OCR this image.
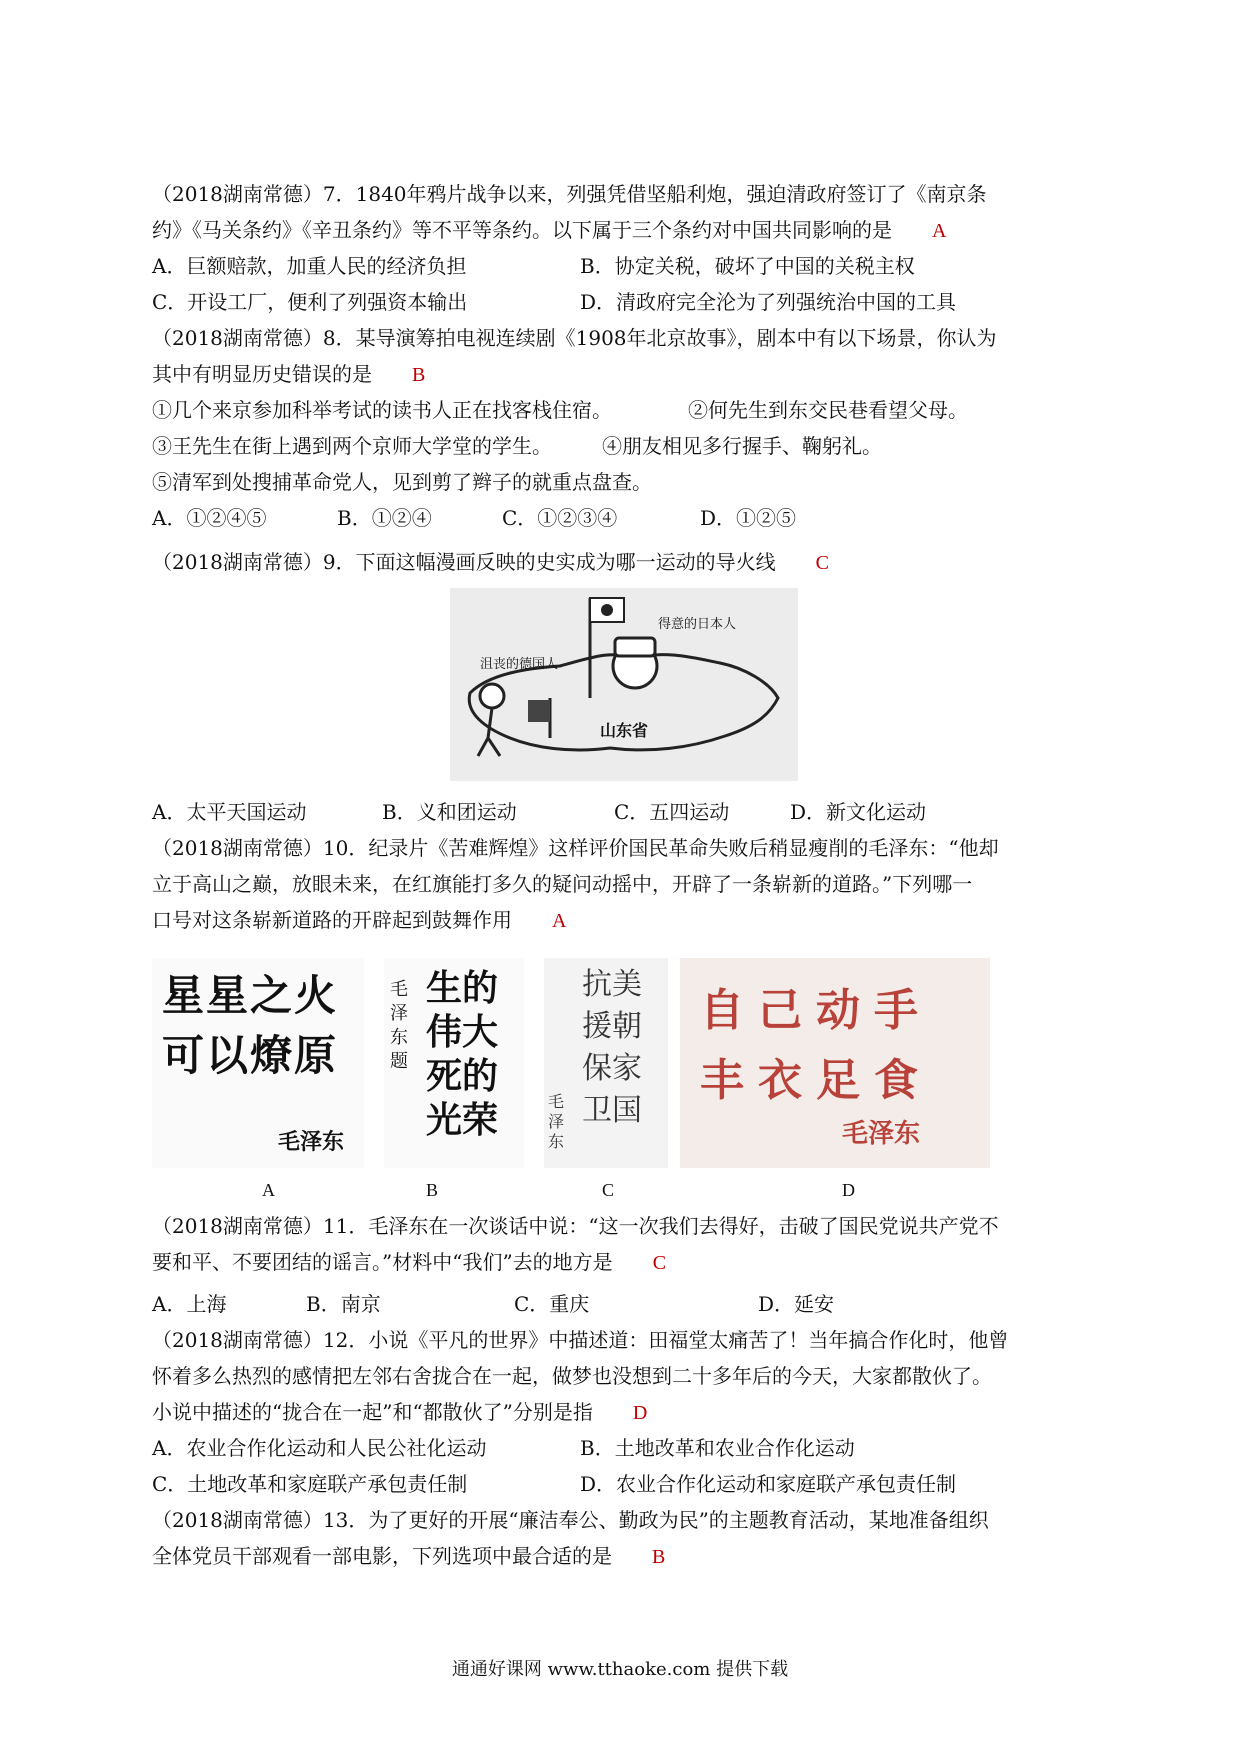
（2018湖南常德）7．1840年鸦片战争以来，列强凭借坚船利炮，强迫清政府签订了《南京条
约》《马关条约》《辛丑条约》等不平等条约。以下属于三个条约对中国共同影响的是 A
A．巨额赔款，加重人民的经济负担	B．协定关税，破坏了中国的关税主权
C．开设工厂，便利了列强资本输出	D．清政府完全沦为了列强统治中国的工具
（2018湖南常德）8．某导演筹拍电视连续剧《1908年北京故事》，剧本中有以下场景，你认为
其中有明显历史错误的是 B
①几个来京参加科举考试的读书人正在找客栈住宿。	②何先生到东交民巷看望父母。
③王先生在街上遇到两个京师大学堂的学生。	④朋友相见多行握手、鞠躬礼。
⑤清军到处搜捕革命党人，见到剪了辫子的就重点盘查。
A．①②④⑤	B．①②④	C．①②③④	D．①②⑤
（2018湖南常德）9．下面这幅漫画反映的史实成为哪一运动的导火线 C
沮丧的德国人
得意的日本人
山东省
A．太平天国运动	B．义和团运动	C．五四运动	D．新文化运动
（2018湖南常德）10．纪录片《苦难辉煌》这样评价国民革命失败后稍显瘦削的毛泽东：“他却
立于高山之巅，放眼未来，在红旗能打多久的疑问动摇中，开辟了一条崭新的道路。”下列哪一
口号对这条崭新道路的开辟起到鼓舞作用 A
星星之火可以燎原
毛泽东
生的伟大死的光荣
毛泽东题
抗美援朝保家卫国
毛泽东
自己动手丰衣足食
毛泽东
A	B	C	D
（2018湖南常德）11．毛泽东在一次谈话中说：“这一次我们去得好，击破了国民党说共产党不
要和平、不要团结的谣言。”材料中“我们”去的地方是 C
A．上海	B．南京	C．重庆	D．延安
（2018湖南常德）12．小说《平凡的世界》中描述道：田福堂太痛苦了！当年搞合作化时，他曾
怀着多么热烈的感情把左邻右舍拢合在一起，做梦也没想到二十多年后的今天，大家都散伙了。
小说中描述的“拢合在一起”和“都散伙了”分别是指 D
A．农业合作化运动和人民公社化运动	B．土地改革和农业合作化运动
C．土地改革和家庭联产承包责任制	D．农业合作化运动和家庭联产承包责任制
（2018湖南常德）13．为了更好的开展“廉洁奉公、勤政为民”的主题教育活动，某地准备组织
全体党员干部观看一部电影，下列选项中最合适的是 B
通通好课网 www.tthaoke.com 提供下载
